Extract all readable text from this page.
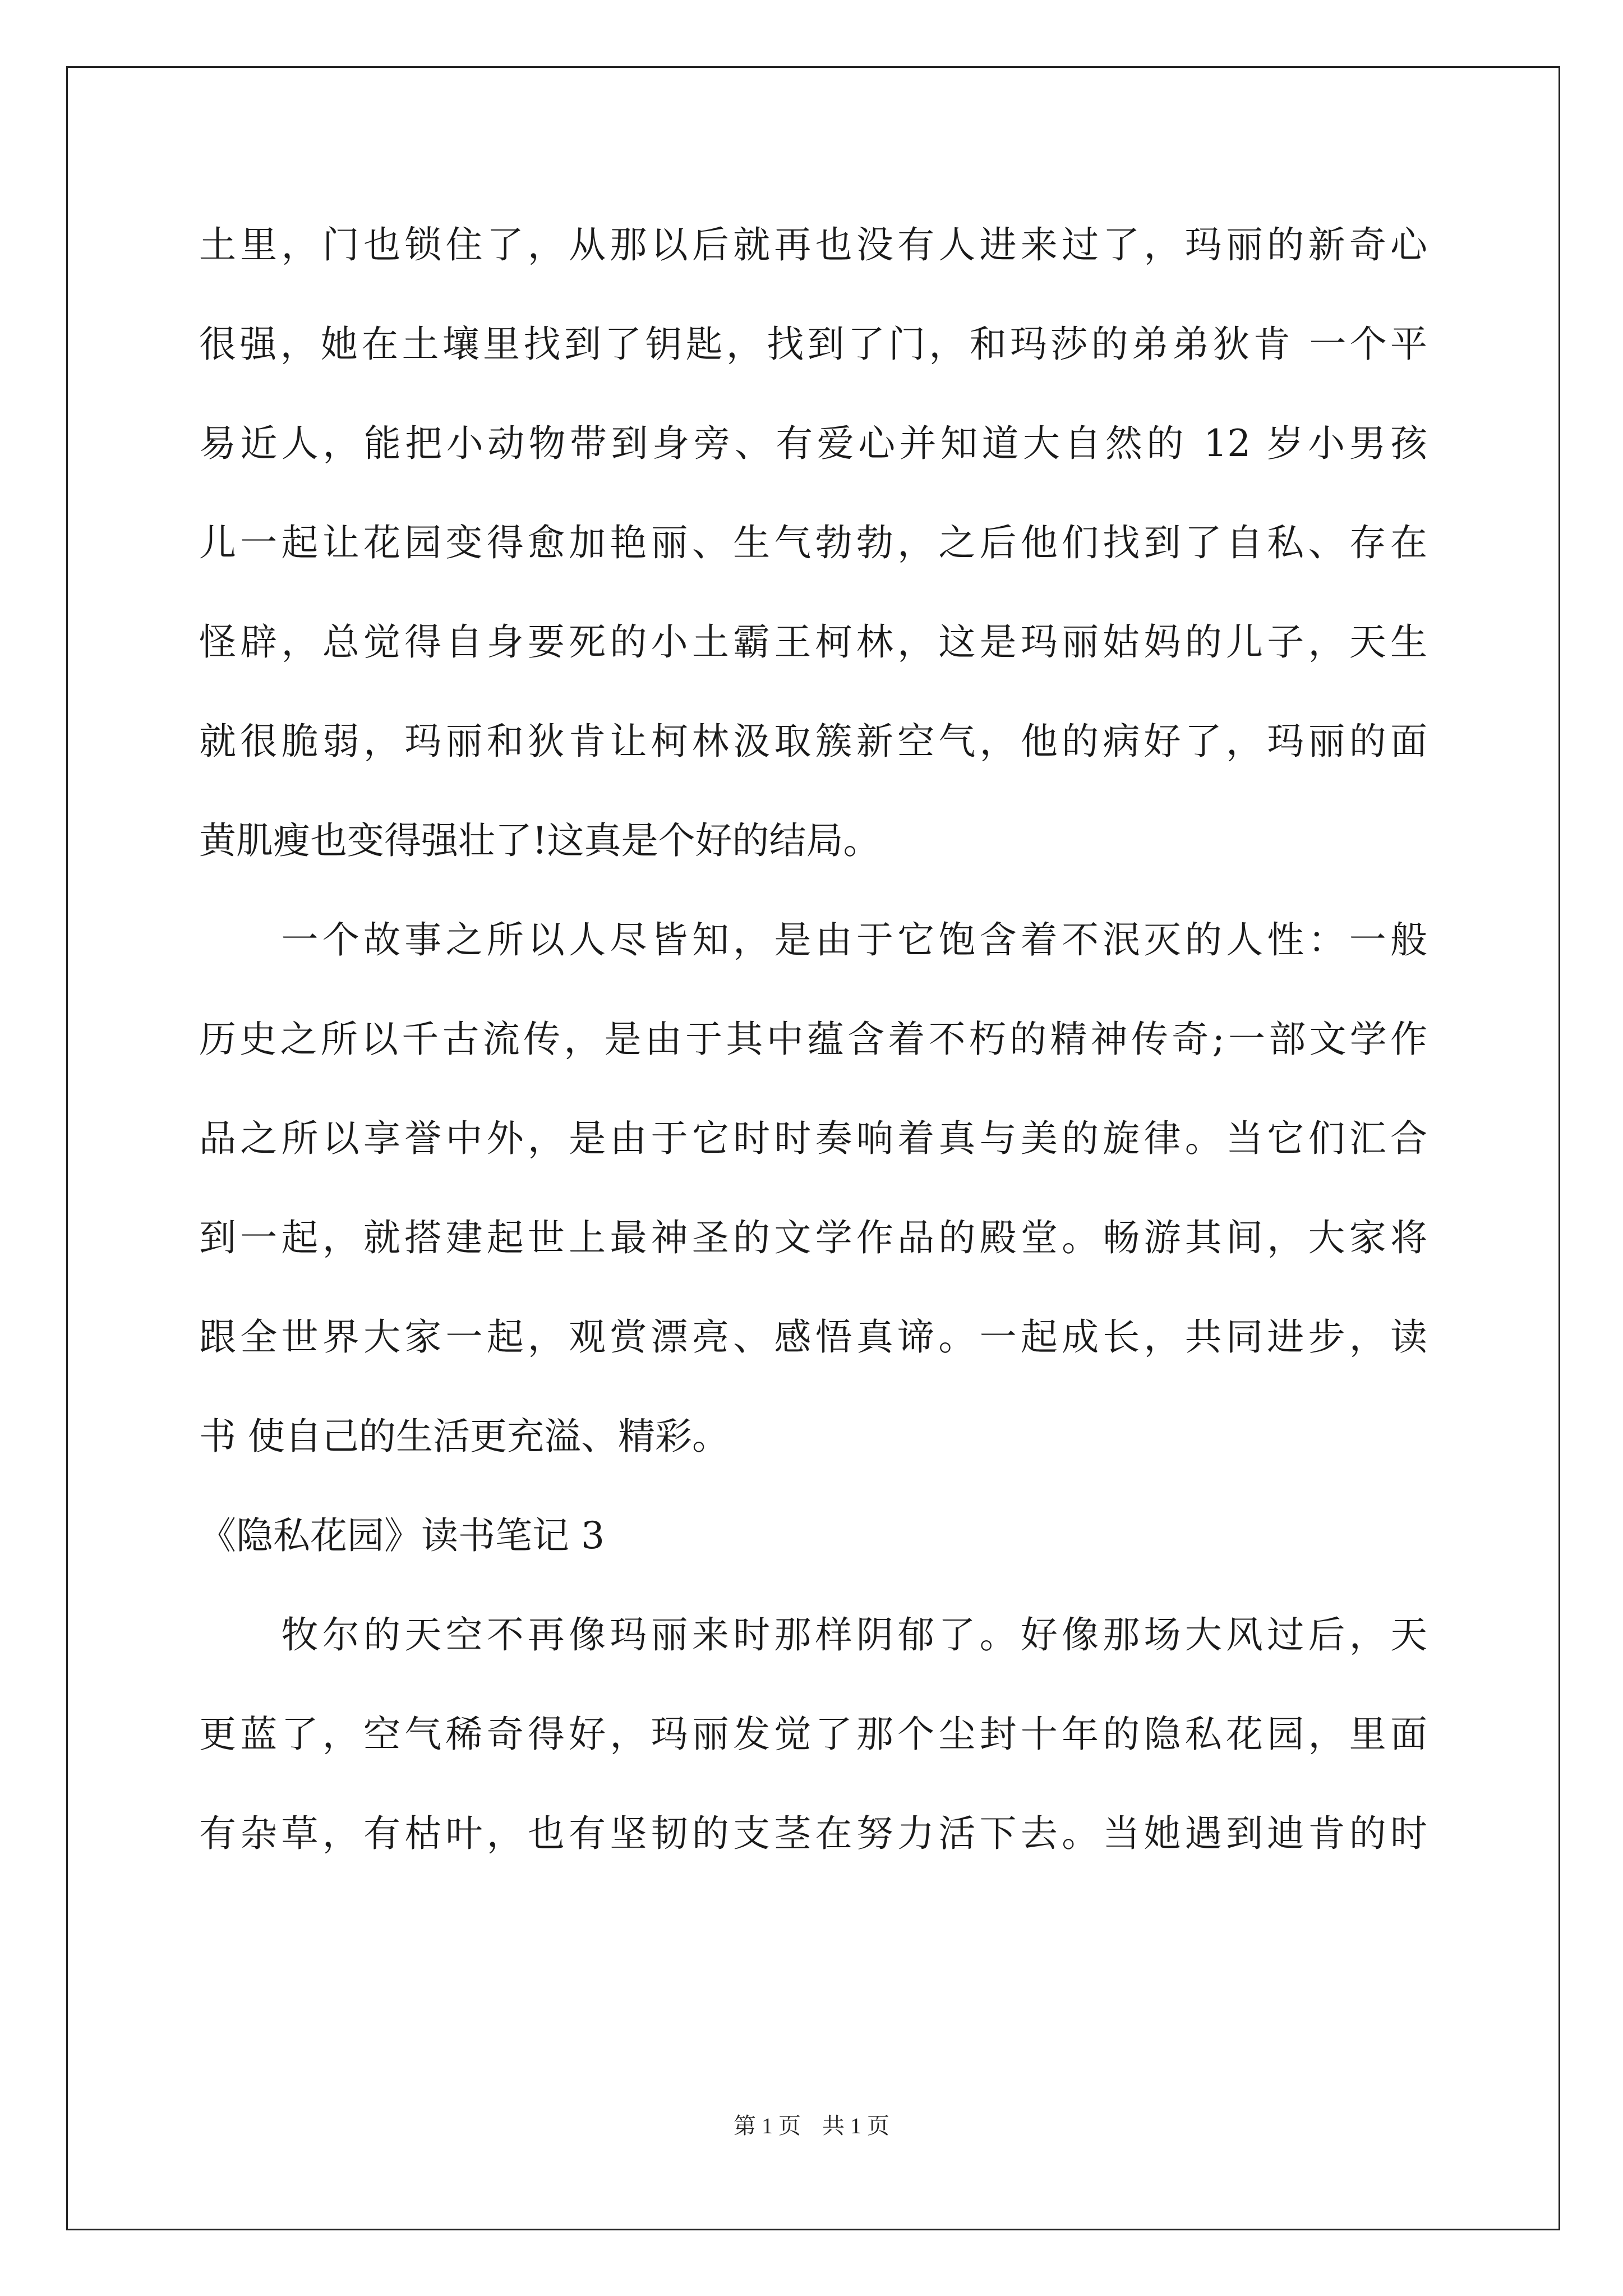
土里，门也锁住了，从那以后就再也没有人进来过了，玛丽的新奇心
很强，她在土壤里找到了钥匙，找到了门，和玛莎的弟弟狄肯 一个平
易近人，能把小动物带到身旁、有爱心并知道大自然的 12 岁小男孩
儿一起让花园变得愈加艳丽、生气勃勃，之后他们找到了自私、存在
怪辟，总觉得自身要死的小土霸王柯林，这是玛丽姑妈的儿子，天生
就很脆弱，玛丽和狄肯让柯林汲取簇新空气，他的病好了，玛丽的面
黄肌瘦也变得强壮了!这真是个好的结局。
　　一个故事之所以人尽皆知，是由于它饱含着不泯灭的人性：一般
历史之所以千古流传，是由于其中蕴含着不朽的精神传奇;一部文学作
品之所以享誉中外，是由于它时时奏响着真与美的旋律。当它们汇合
到一起，就搭建起世上最神圣的文学作品的殿堂。畅游其间，大家将
跟全世界大家一起，观赏漂亮、感悟真谛。一起成长，共同进步，读
书 使自己的生活更充溢、精彩。
《隐私花园》读书笔记 3
　　牧尔的天空不再像玛丽来时那样阴郁了。好像那场大风过后，天
更蓝了，空气稀奇得好，玛丽发觉了那个尘封十年的隐私花园，里面
有杂草，有枯叶，也有坚韧的支茎在努力活下去。当她遇到迪肯的时
第 1 页 共 1 页
